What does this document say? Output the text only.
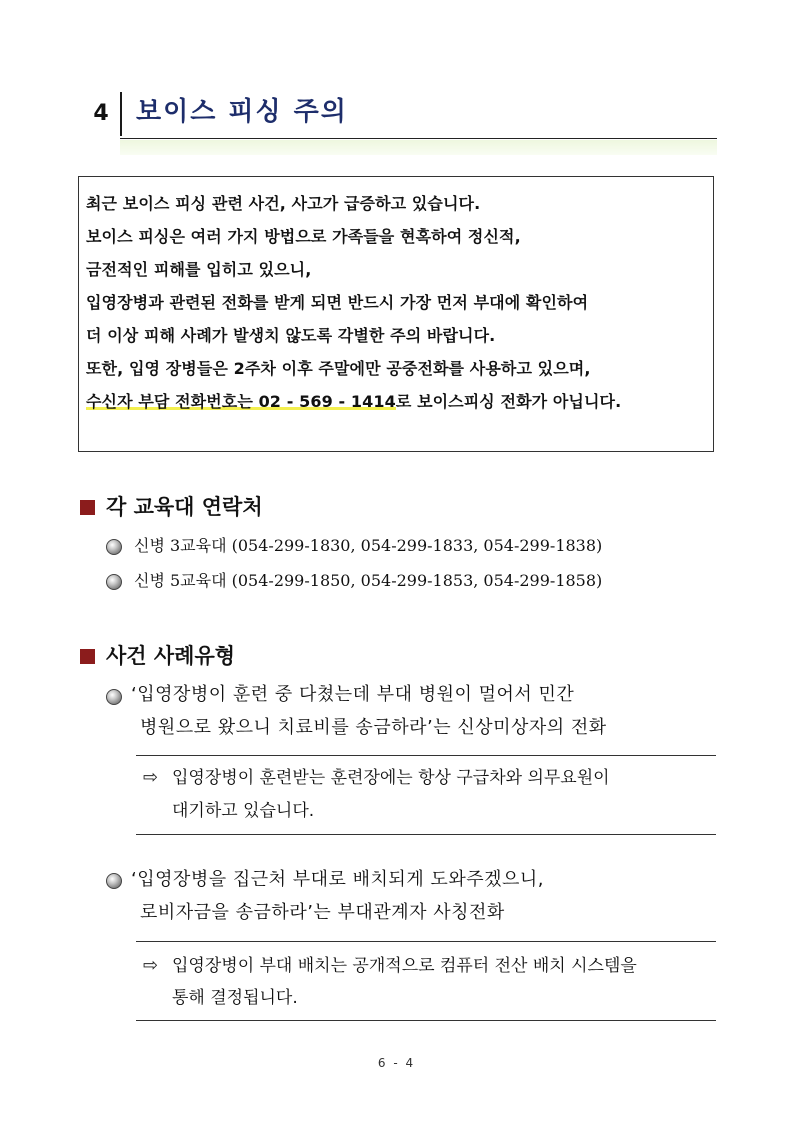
4	보이스 피싱 주의
최근 보이스 피싱 관련 사건, 사고가 급증하고 있습니다.
보이스 피싱은 여러 가지 방법으로 가족들을 현혹하여 정신적,
금전적인 피해를 입히고 있으니,
입영장병과 관련된 전화를 받게 되면 반드시 가장 먼저 부대에 확인하여
더 이상 피해 사례가 발생치 않도록 각별한 주의 바랍니다.
또한, 입영 장병들은 2주차 이후 주말에만 공중전화를 사용하고 있으며,
수신자 부담 전화번호는 02 - 569 - 1414로 보이스피싱 전화가 아닙니다.
각 교육대 연락처
신병 3교육대 (054-299-1830, 054-299-1833, 054-299-1838)
신병 5교육대 (054-299-1850, 054-299-1853, 054-299-1858)
사건 사례유형
‘입영장병이 훈련 중 다쳤는데 부대 병원이 멀어서 민간
병원으로 왔으니 치료비를 송금하라’는 신상미상자의 전화
⇨ 입영장병이 훈련받는 훈련장에는 항상 구급차와 의무요원이
대기하고 있습니다.
‘입영장병을 집근처 부대로 배치되게 도와주겠으니,
로비자금을 송금하라’는 부대관계자 사칭전화
⇨ 입영장병이 부대 배치는 공개적으로 컴퓨터 전산 배치 시스템을
통해 결정됩니다.
6 - 4
